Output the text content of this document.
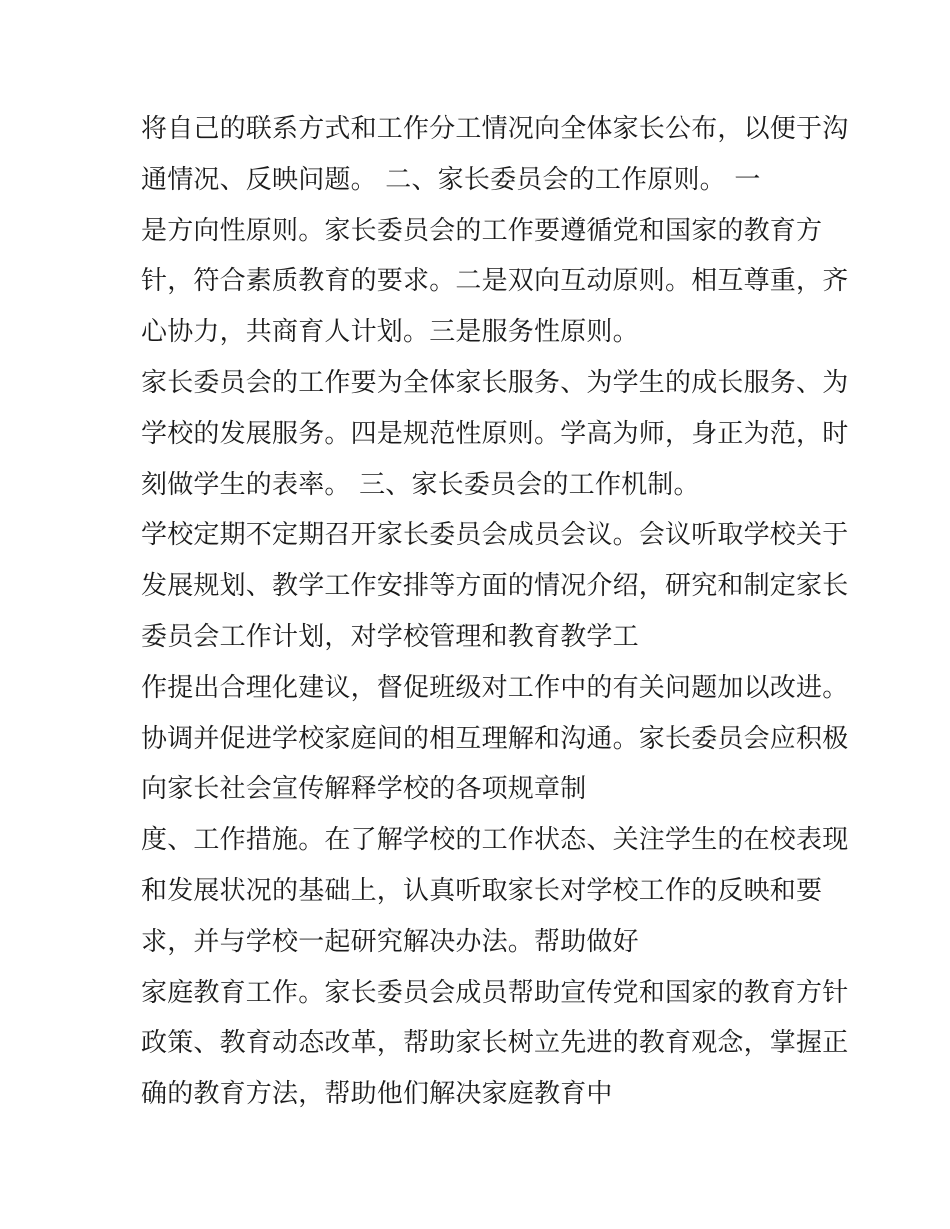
将自己的联系方式和工作分工情况向全体家长公布，以便于沟
通情况、反映问题。 二、家长委员会的工作原则。 一
是方向性原则。家长委员会的工作要遵循党和国家的教育方
针，符合素质教育的要求。二是双向互动原则。相互尊重，齐
心协力，共商育人计划。三是服务性原则。
家长委员会的工作要为全体家长服务、为学生的成长服务、为
学校的发展服务。四是规范性原则。学高为师，身正为范，时
刻做学生的表率。 三、家长委员会的工作机制。
学校定期不定期召开家长委员会成员会议。会议听取学校关于
发展规划、教学工作安排等方面的情况介绍，研究和制定家长
委员会工作计划，对学校管理和教育教学工
作提出合理化建议，督促班级对工作中的有关问题加以改进。
协调并促进学校家庭间的相互理解和沟通。家长委员会应积极
向家长社会宣传解释学校的各项规章制
度、工作措施。在了解学校的工作状态、关注学生的在校表现
和发展状况的基础上，认真听取家长对学校工作的反映和要
求，并与学校一起研究解决办法。帮助做好
家庭教育工作。家长委员会成员帮助宣传党和国家的教育方针
政策、教育动态改革，帮助家长树立先进的教育观念，掌握正
确的教育方法，帮助他们解决家庭教育中
